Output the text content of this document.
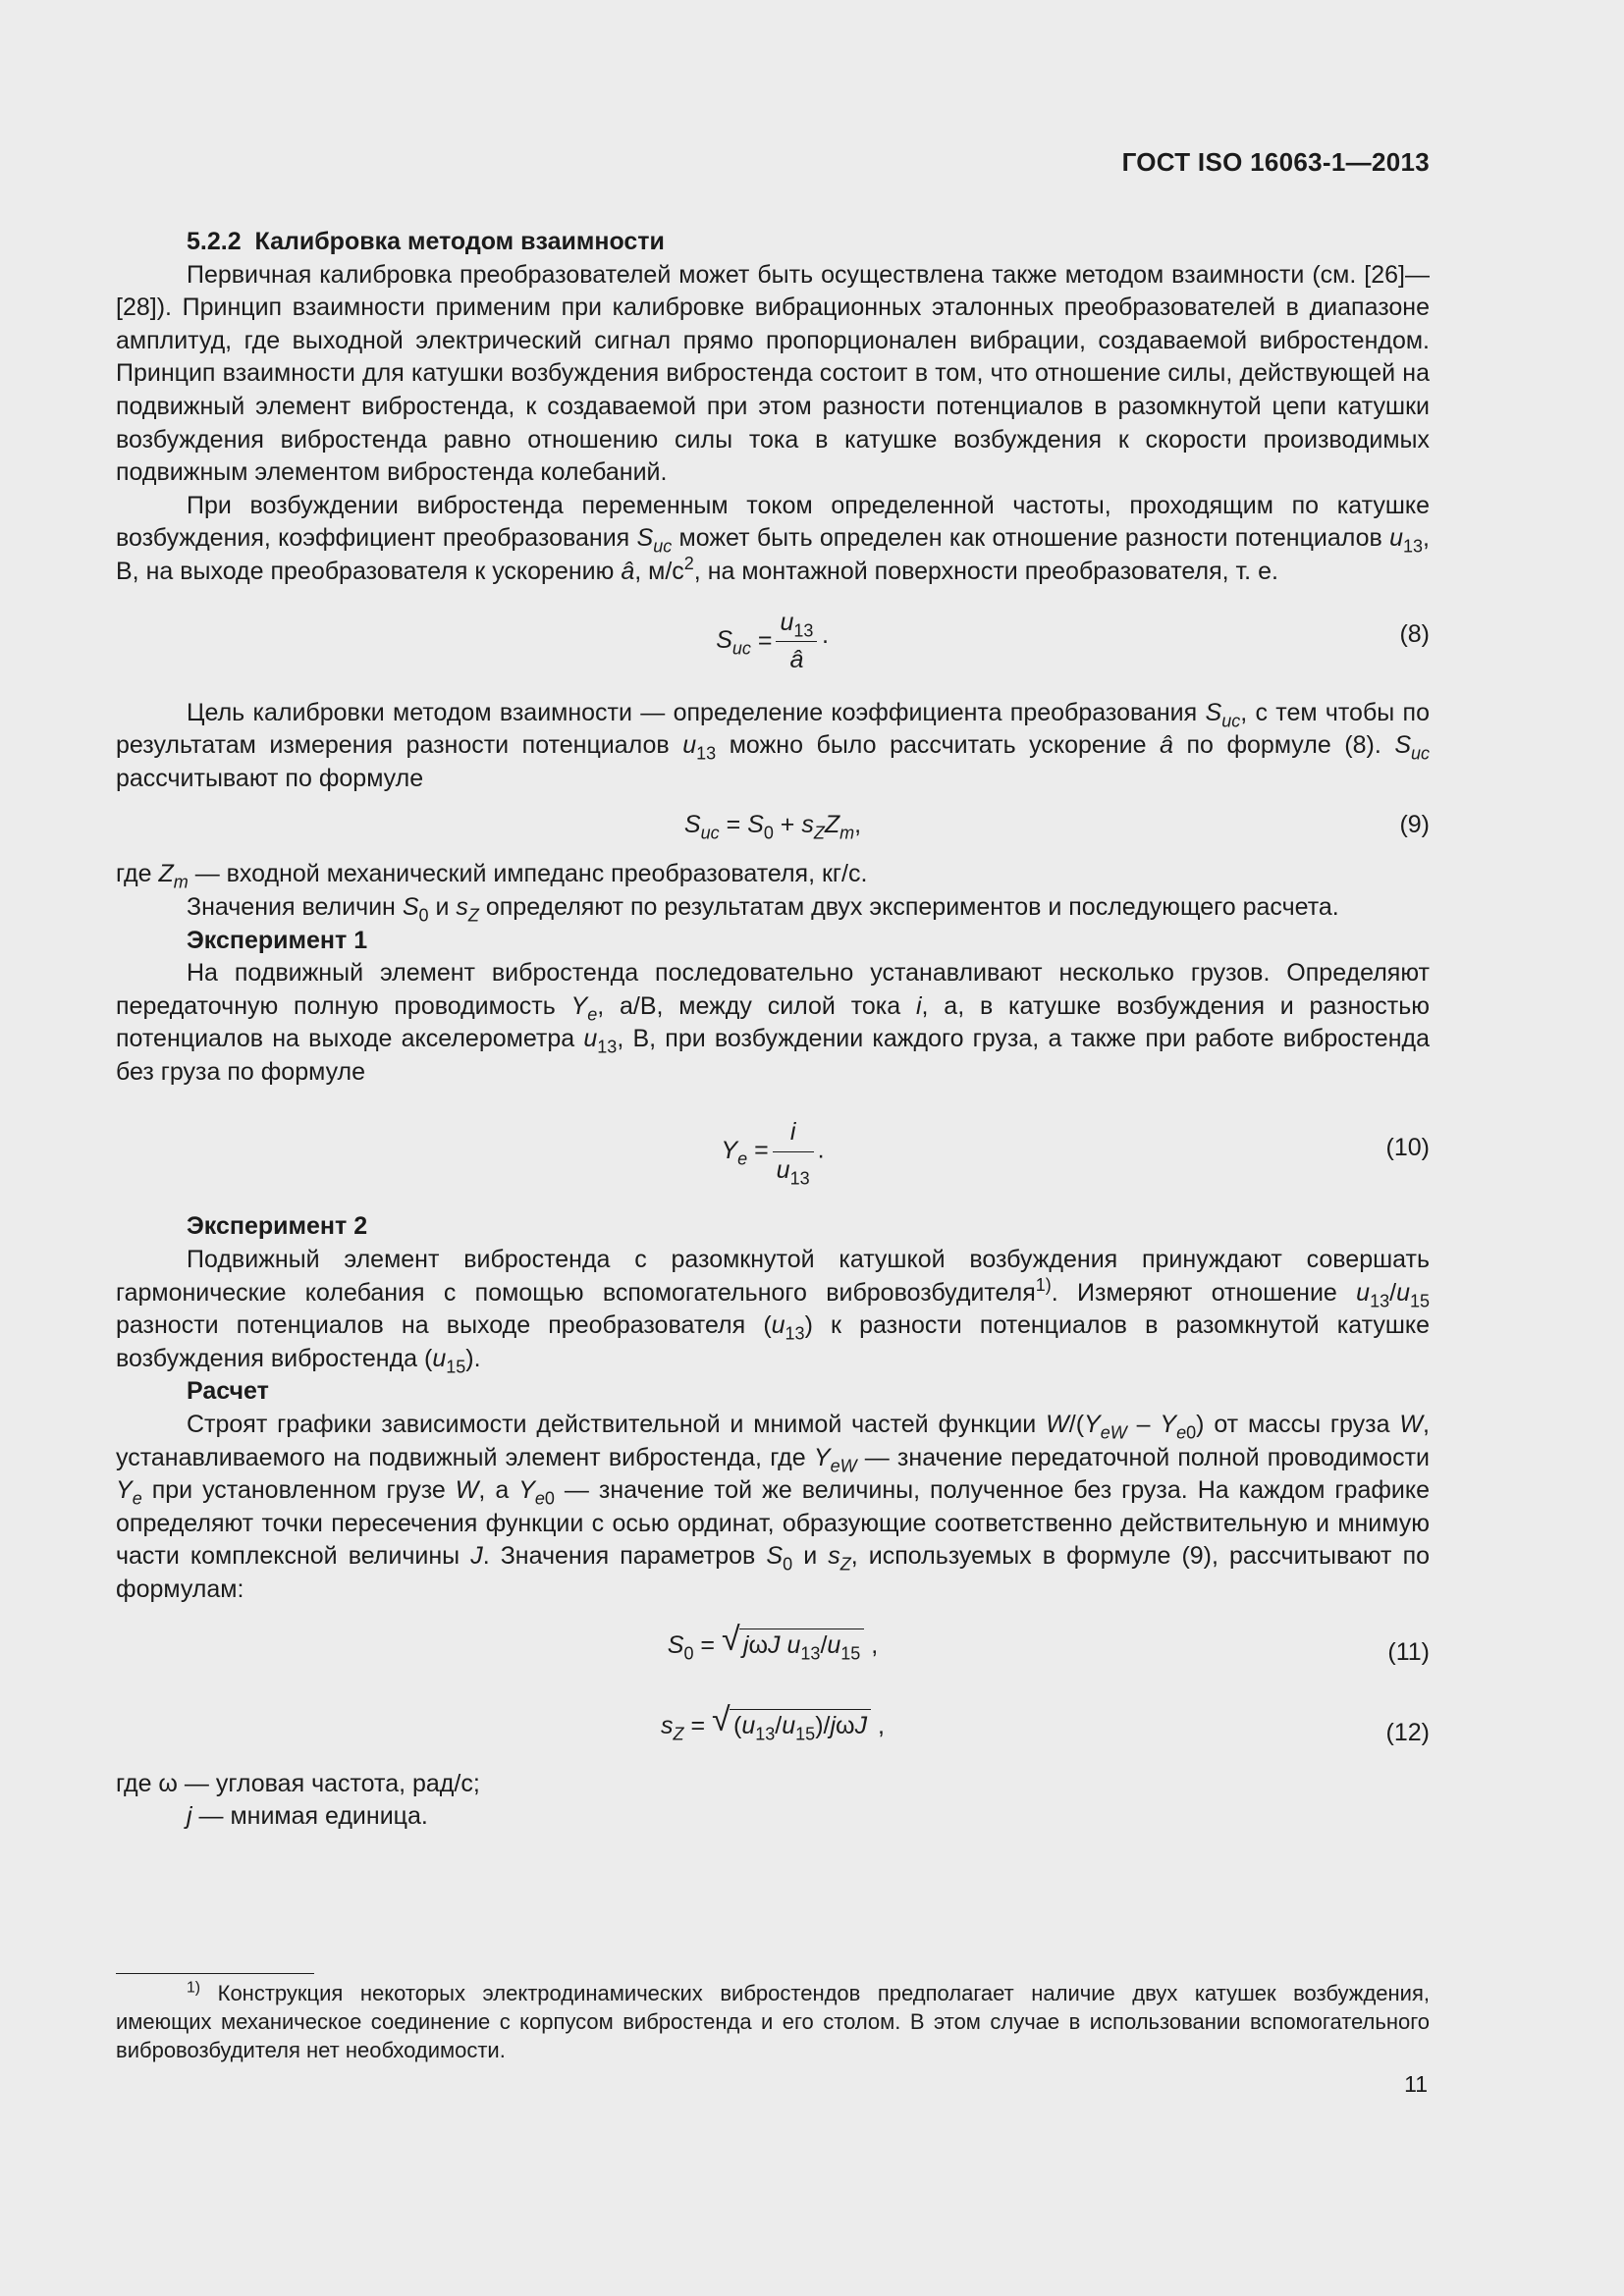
ГОСТ ISO 16063-1—2013

5.2.2 Калибровка методом взаимности

Первичная калибровка преобразователей может быть осуществлена также методом взаимности (см. [26]—[28]). Принцип взаимности применим при калибровке вибрационных эталонных преобразователей в диапазоне амплитуд, где выходной электрический сигнал прямо пропорционален вибрации, создаваемой вибростендом. Принцип взаимности для катушки возбуждения вибростенда состоит в том, что отношение силы, действующей на подвижный элемент вибростенда, к создаваемой при этом разности потенциалов в разомкнутой цепи катушки возбуждения вибростенда равно отношению силы тока в катушке возбуждения к скорости производимых подвижным элементом вибростенда колебаний.

При возбуждении вибростенда переменным током определенной частоты, проходящим по катушке возбуждения, коэффициент преобразования $S_{uc}$ может быть определен как отношение разности потенциалов $u_{13}$, В, на выходе преобразователя к ускорению â, $м/с^2$, на монтажной поверхности преобразователя, т. е.

$S_{uc} = \frac{u_{13}}{â}$ ·	(8)

Цель калибровки методом взаимности — определение коэффициента преобразования $S_{uc}$, с тем чтобы по результатам измерения разности потенциалов $u_{13}$ можно было рассчитать ускорение â по формуле (8). $S_{uc}$ рассчитывают по формуле

$S_{uc} = S_0 + s_ZZ_m$,	(9)

где $Z_m$ — входной механический импеданс преобразователя, кг/с.

Значения величин $S_0$ и $s_Z$ определяют по результатам двух экспериментов и последующего расчета.

Эксперимент 1

На подвижный элемент вибростенда последовательно устанавливают несколько грузов. Определяют передаточную полную проводимость $Y_e$, а/В, между силой тока i, а, в катушке возбуждения и разностью потенциалов на выходе акселерометра $u_{13}$, В, при возбуждении каждого груза, а также при работе вибростенда без груза по формуле

$Y_e = \frac{i}{u_{13}}$ .	(10)

Эксперимент 2

Подвижный элемент вибростенда с разомкнутой катушкой возбуждения принуждают совершать гармонические колебания с помощью вспомогательного вибровозбудителя$^{1)}$. Измеряют отношение $u_{13}/u_{15}$ разности потенциалов на выходе преобразователя $(u_{13})$ к разности потенциалов в разомкнутой катушке возбуждения вибростенда $(u_{15})$.

Расчет

Строят графики зависимости действительной и мнимой частей функции $W/(Y_{eW} - Y_{e0})$ от массы груза W, устанавливаемого на подвижный элемент вибростенда, где $Y_{eW}$ — значение передаточной полной проводимости $Y_e$ при установленном грузе W, а $Y_{e0}$ — значение той же величины, полученное без груза. На каждом графике определяют точки пересечения функции с осью ординат, образующие соответственно действительную и мнимую части комплексной величины J. Значения параметров $S_0$ и $s_Z$, используемых в формуле (9), рассчитывают по формулам:

$S_0$ = √ jωJ $u_{13}/u_{15}$ ,	(11)
$s_Z$ = √ $(u_{13}/u_{15})$/jωJ ,	(12)

где ω — угловая частота, рад/с;

j — мнимая единица.

$^{1)}$ Конструкция некоторых электродинамических вибростендов предполагает наличие двух катушек возбуждения, имеющих механическое соединение с корпусом вибростенда и его столом. В этом случае в использовании вспомогательного вибровозбудителя нет необходимости.

11
